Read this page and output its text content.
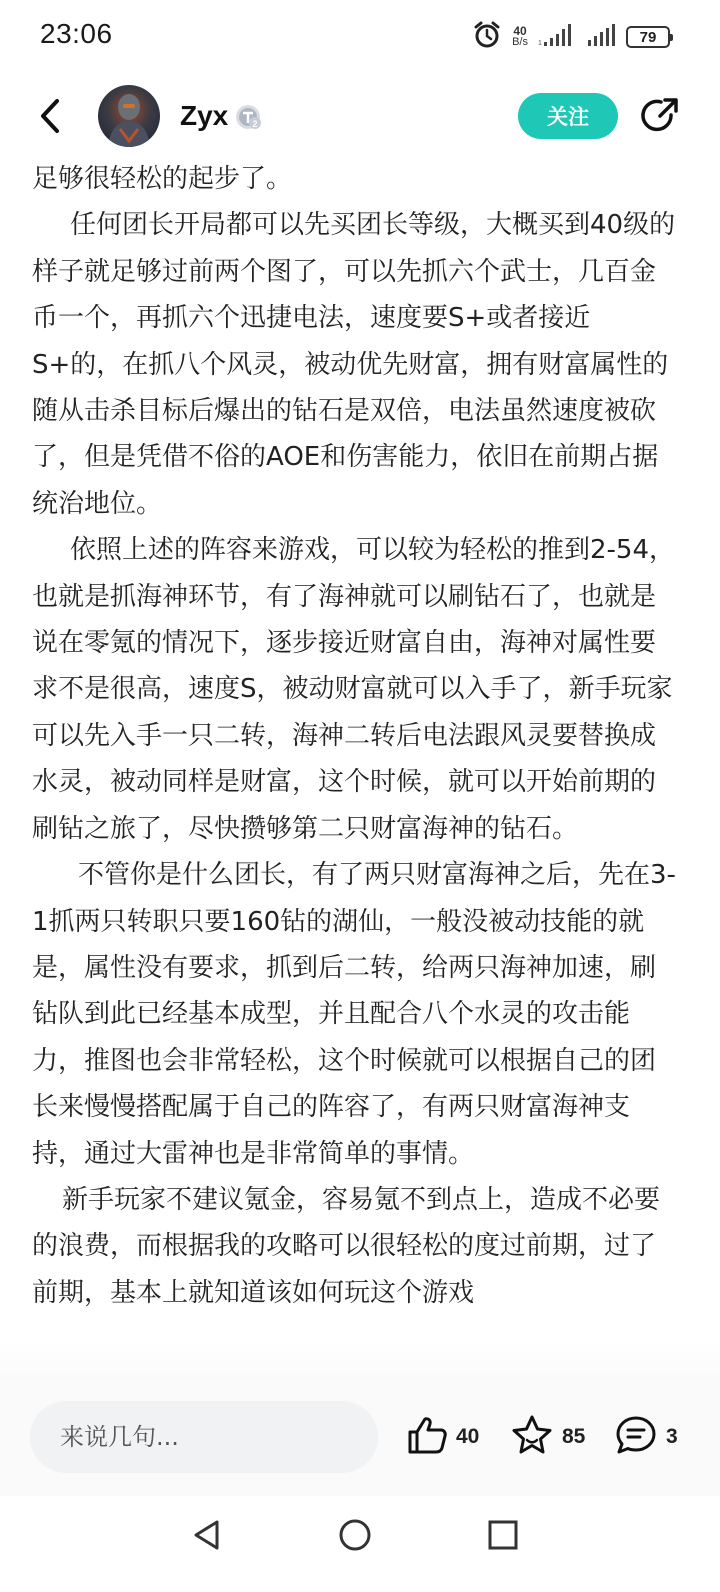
23:06	40
B/s 1	79
Zyx	2	关注

足够很轻松的起步了。

任何团长开局都可以先买团长等级，大概买到40级的样子就足够过前两个图了，可以先抓六个武士，几百金币一个，再抓六个迅捷电法，速度要S+或者接近S+的，在抓八个风灵，被动优先财富，拥有财富属性的随从击杀目标后爆出的钻石是双倍，电法虽然速度被砍了，但是凭借不俗的AOE和伤害能力，依旧在前期占据统治地位。

依照上述的阵容来游戏，可以较为轻松的推到2-54，也就是抓海神环节，有了海神就可以刷钻石了，也就是说在零氪的情况下，逐步接近财富自由，海神对属性要求不是很高，速度S，被动财富就可以入手了，新手玩家可以先入手一只二转，海神二转后电法跟风灵要替换成水灵，被动同样是财富，这个时候，就可以开始前期的刷钻之旅了，尽快攒够第二只财富海神的钻石。

不管你是什么团长，有了两只财富海神之后，先在3-1抓两只转职只要160钻的湖仙，一般没被动技能的就是，属性没有要求，抓到后二转，给两只海神加速，刷钻队到此已经基本成型，并且配合八个水灵的攻击能力，推图也会非常轻松，这个时候就可以根据自己的团长来慢慢搭配属于自己的阵容了，有两只财富海神支持，通过大雷神也是非常简单的事情。

新手玩家不建议氪金，容易氪不到点上，造成不必要的浪费，而根据我的攻略可以很轻松的度过前期，过了前期，基本上就知道该如何玩这个游戏

来说几句...
40	85	3
